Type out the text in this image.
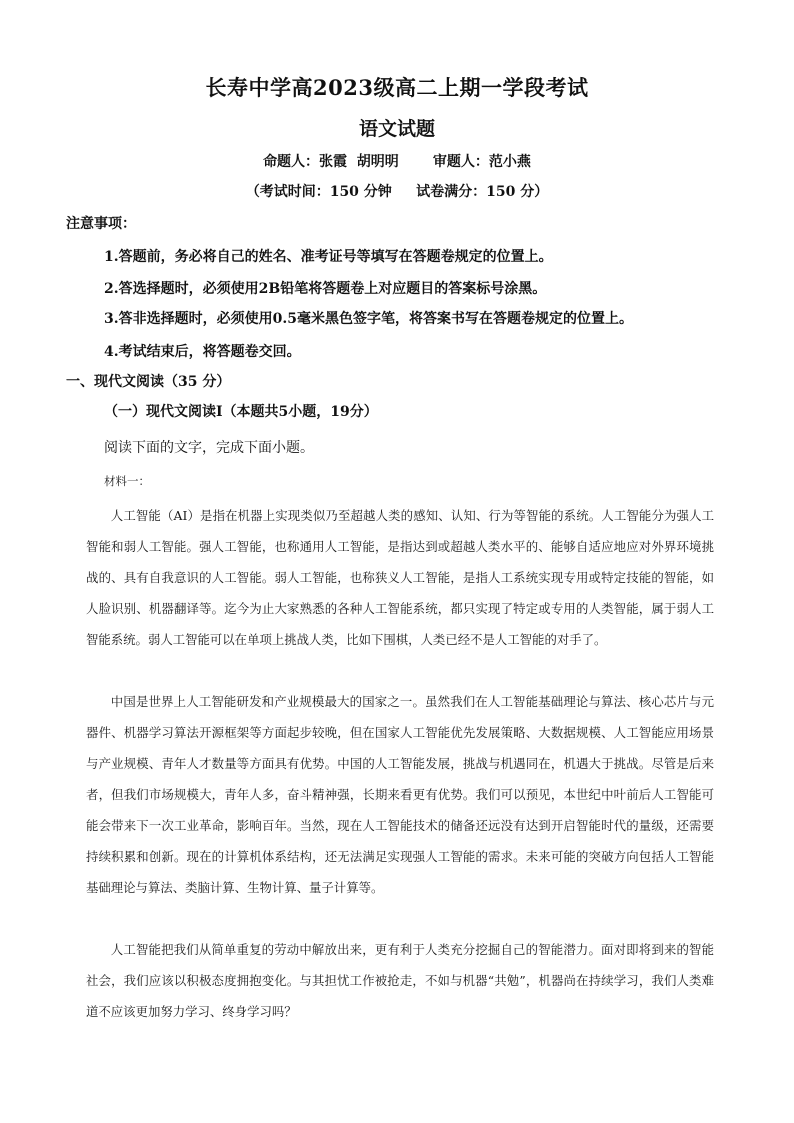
长寿中学高2023级高二上期一学段考试
语文试题
命题人：张霞  胡明明       审题人：范小燕
（考试时间：150 分钟     试卷满分：150 分）
注意事项：
1.答题前，务必将自己的姓名、准考证号等填写在答题卷规定的位置上。
2.答选择题时，必须使用2B铅笔将答题卷上对应题目的答案标号涂黑。
3.答非选择题时，必须使用0.5毫米黑色签字笔，将答案书写在答题卷规定的位置上。
4.考试结束后，将答题卷交回。
一、现代文阅读（35 分）
（一）现代文阅读Ⅰ（本题共5小题，19分）
阅读下面的文字，完成下面小题。
材料一：

人工智能（AI）是指在机器上实现类似乃至超越人类的感知、认知、行为等智能的系统。人工智能分为强人工智能和弱人工智能。强人工智能，也称通用人工智能，是指达到或超越人类水平的、能够自适应地应对外界环境挑战的、具有自我意识的人工智能。弱人工智能，也称狭义人工智能，是指人工系统实现专用或特定技能的智能，如人脸识别、机器翻译等。迄今为止大家熟悉的各种人工智能系统，都只实现了特定或专用的人类智能，属于弱人工智能系统。弱人工智能可以在单项上挑战人类，比如下围棋，人类已经不是人工智能的对手了。

中国是世界上人工智能研发和产业规模最大的国家之一。虽然我们在人工智能基础理论与算法、核心芯片与元器件、机器学习算法开源框架等方面起步较晚，但在国家人工智能优先发展策略、大数据规模、人工智能应用场景与产业规模、青年人才数量等方面具有优势。中国的人工智能发展，挑战与机遇同在，机遇大于挑战。尽管是后来者，但我们市场规模大，青年人多，奋斗精神强，长期来看更有优势。我们可以预见，本世纪中叶前后人工智能可能会带来下一次工业革命，影响百年。当然，现在人工智能技术的储备还远没有达到开启智能时代的量级，还需要持续积累和创新。现在的计算机体系结构，还无法满足实现强人工智能的需求。未来可能的突破方向包括人工智能基础理论与算法、类脑计算、生物计算、量子计算等。

人工智能把我们从简单重复的劳动中解放出来，更有利于人类充分挖掘自己的智能潜力。面对即将到来的智能社会，我们应该以积极态度拥抱变化。与其担忧工作被抢走，不如与机器“共勉”，机器尚在持续学习，我们人类难道不应该更加努力学习、终身学习吗？
